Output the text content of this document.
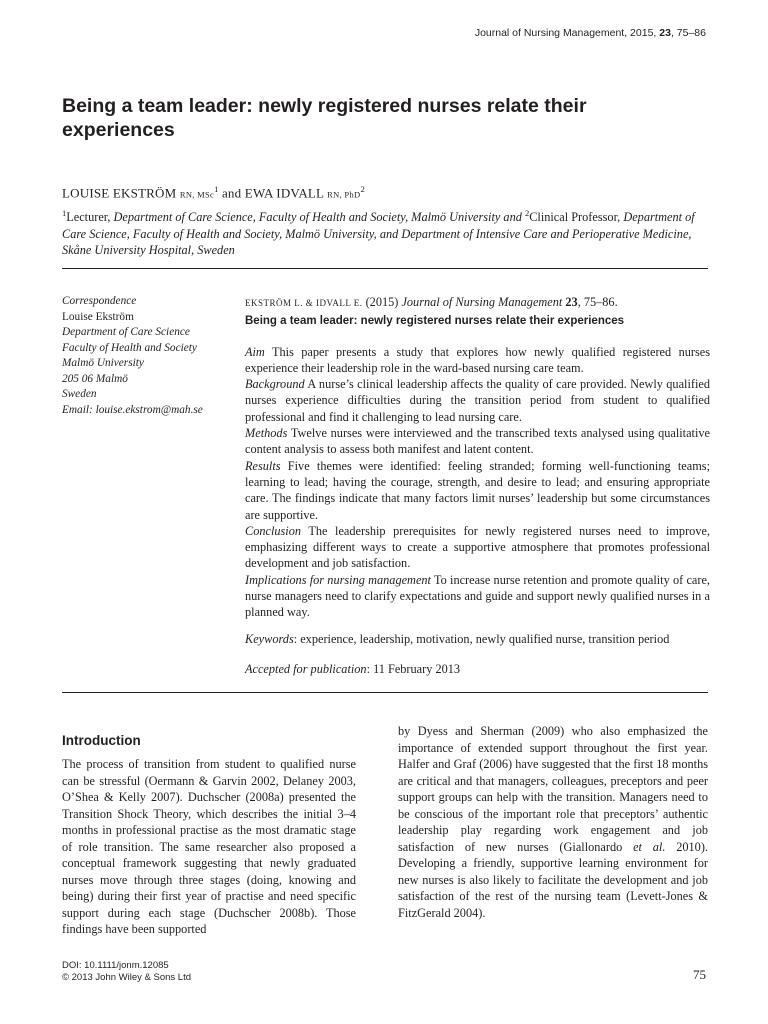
Journal of Nursing Management, 2015, 23, 75–86
Being a team leader: newly registered nurses relate their experiences
LOUISE EKSTRÖM RN, MSc$^1$ and EWA IDVALL RN, PhD$^2$
$^1$Lecturer, Department of Care Science, Faculty of Health and Society, Malmö University and $^2$Clinical Professor, Department of Care Science, Faculty of Health and Society, Malmö University, and Department of Intensive Care and Perioperative Medicine, Skåne University Hospital, Sweden
Correspondence
Louise Ekström
Department of Care Science
Faculty of Health and Society
Malmö University
205 06 Malmö
Sweden
Email: louise.ekstrom@mah.se
EKSTRÖM L. & IDVALL E. (2015) Journal of Nursing Management 23, 75–86.
Being a team leader: newly registered nurses relate their experiences

Aim This paper presents a study that explores how newly qualified registered nurses experience their leadership role in the ward-based nursing care team.

Background A nurse’s clinical leadership affects the quality of care provided. Newly qualified nurses experience difficulties during the transition period from student to qualified professional and find it challenging to lead nursing care.

Methods Twelve nurses were interviewed and the transcribed texts analysed using qualitative content analysis to assess both manifest and latent content.

Results Five themes were identified: feeling stranded; forming well-functioning teams; learning to lead; having the courage, strength, and desire to lead; and ensuring appropriate care. The findings indicate that many factors limit nurses’ leadership but some circumstances are supportive.

Conclusion The leadership prerequisites for newly registered nurses need to improve, emphasizing different ways to create a supportive atmosphere that promotes professional development and job satisfaction.

Implications for nursing management To increase nurse retention and promote quality of care, nurse managers need to clarify expectations and guide and support newly qualified nurses in a planned way.

Keywords: experience, leadership, motivation, newly qualified nurse, transition period

Accepted for publication: 11 February 2013

Introduction

The process of transition from student to qualified nurse can be stressful (Oermann & Garvin 2002, Delaney 2003, O’Shea & Kelly 2007). Duchscher (2008a) presented the Transition Shock Theory, which describes the initial 3–4 months in professional practise as the most dramatic stage of role transition. The same researcher also proposed a conceptual framework suggesting that newly graduated nurses move through three stages (doing, knowing and being) during their first year of practise and need specific support during each stage (Duchscher 2008b). Those findings have been supported

by Dyess and Sherman (2009) who also emphasized the importance of extended support throughout the first year. Halfer and Graf (2006) have suggested that the first 18 months are critical and that managers, colleagues, preceptors and peer support groups can help with the transition. Managers need to be conscious of the important role that preceptors’ authentic leadership play regarding work engagement and job satisfaction of new nurses (Giallonardo et al. 2010). Developing a friendly, supportive learning environment for new nurses is also likely to facilitate the development and job satisfaction of the rest of the nursing team (Levett-Jones & FitzGerald 2004).

DOI: 10.1111/jonm.12085
© 2013 John Wiley & Sons Ltd	75
